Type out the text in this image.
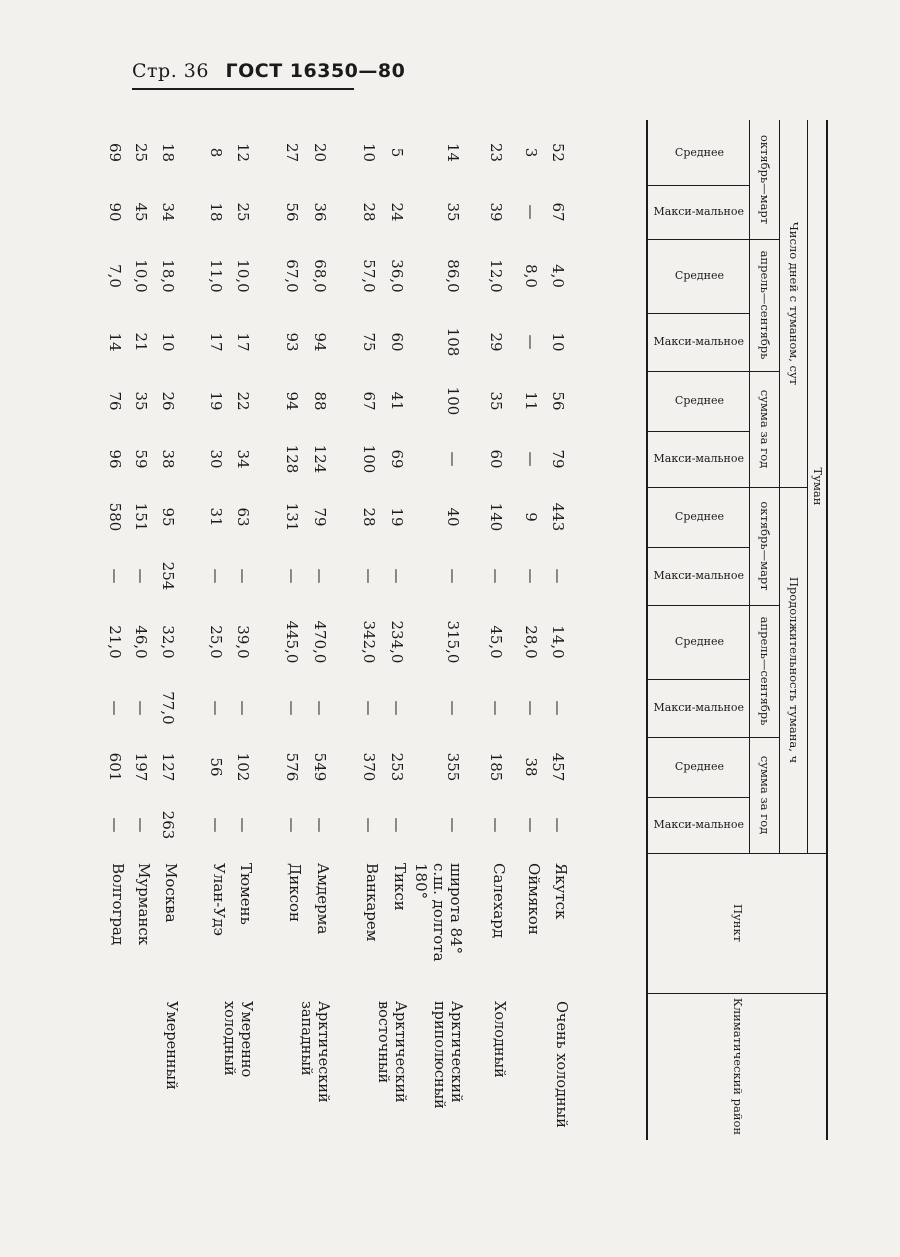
Стр. 36 ГОСТ 16350—80
Туман
Число дней с туманом, сут
Продолжительность тумана, ч
октябрь—март
апрель—сентябрь
сумма за год
октябрь—март
апрель—сентябрь
сумма за год
Среднее
Макси-мальное
Среднее
Макси-мальное
Среднее
Макси-мальное
Среднее
Макси-мальное
Среднее
Макси-мальное
Среднее
Макси-мальное
Пункт
Климатический район
52
67
4,0
10
56
79
443
—
14,0
—
457
—
Якутск
Очень холодный
3
—
8,0
—
11
—
9
—
28,0
—
38
—
Оймякон
23
39
12,0
29
35
60
140
—
45,0
—
185
—
Салехард
Холодный
14
35
86,0
108
100
—
40
—
315,0
—
355
—
широта 84° с.ш. долгота 180°
Арктический приполюсный
5
24
36,0
60
41
69
19
—
234,0
—
253
—
Тикси
Арктический восточный
10
28
57,0
75
67
100
28
—
342,0
—
370
—
Ванкарем
20
36
68,0
94
88
124
79
—
470,0
—
549
—
Амдерма
Арктический западный
27
56
67,0
93
94
128
131
—
445,0
—
576
—
Диксон
12
25
10,0
17
22
34
63
—
39,0
—
102
—
Тюмень
Умеренно холодный
8
18
11,0
17
19
30
31
—
25,0
—
56
—
Улан-Удэ
18
34
18,0
10
26
38
95
254
32,0
77,0
127
263
Москва
Умеренный
25
45
10,0
21
35
59
151
—
46,0
—
197
—
Мурманск
69
90
7,0
14
76
96
580
—
21,0
—
601
—
Волгоград
